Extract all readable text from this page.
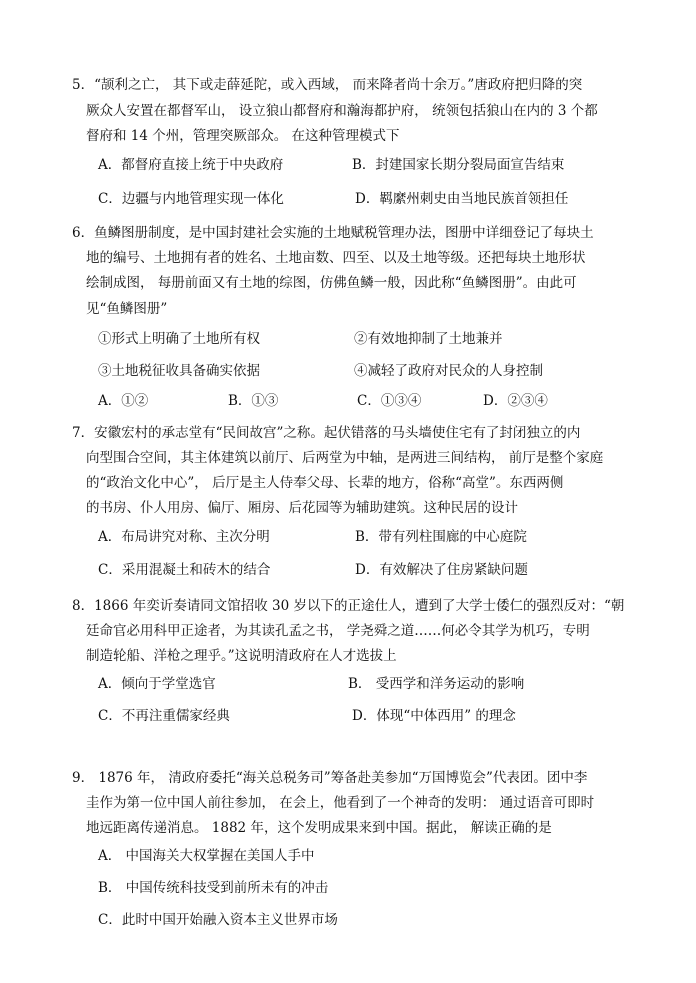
5．“颉利之亡， 其下或走薛延陀，或入西域， 而来降者尚十余万。”唐政府把归降的突
厥众人安置在都督军山， 设立狼山都督府和瀚海都护府， 统领包括狼山在内的 3 个都
督府和 14 个州，管理突厥部众。 在这种管理模式下
A．都督府直接上统于中央政府	B．封建国家长期分裂局面宣告结束
C．边疆与内地管理实现一体化	D．羁縻州刺史由当地民族首领担任
6．鱼鳞图册制度，是中国封建社会实施的土地赋税管理办法，图册中详细登记了每块土
地的编号、土地拥有者的姓名、土地亩数、四至、以及土地等级。还把每块土地形状
绘制成图， 每册前面又有土地的综图，仿佛鱼鳞一般，因此称“鱼鳞图册”。由此可
见“鱼鳞图册”
①形式上明确了土地所有权	②有效地抑制了土地兼并
③土地税征收具备确实依据	④减轻了政府对民众的人身控制
A．①②	B．①③	C．①③④	D．②③④
7．安徽宏村的承志堂有“民间故宫”之称。起伏错落的马头墙使住宅有了封闭独立的内
向型围合空间，其主体建筑以前厅、后两堂为中轴，是两进三间结构， 前厅是整个家庭
的“政治文化中心”， 后厅是主人侍奉父母、长辈的地方，俗称“高堂”。东西两侧
的书房、仆人用房、偏厅、厢房、后花园等为辅助建筑。这种民居的设计
A．布局讲究对称、主次分明	B．带有列柱围廊的中心庭院
C．采用混凝土和砖木的结合	D．有效解决了住房紧缺问题
8．1866 年奕䜣奏请同文馆招收 30 岁以下的正途仕人，遭到了大学士倭仁的强烈反对：“朝
廷命官必用科甲正途者，为其读孔孟之书， 学尧舜之道……何必令其学为机巧，专明
制造轮船、洋枪之理乎。”这说明清政府在人才选拔上
A．倾向于学堂选官	B． 受西学和洋务运动的影响
C．不再注重儒家经典	D．体现“中体西用” 的理念
9． 1876 年， 清政府委托“海关总税务司”筹备赴美参加“万国博览会”代表团。团中李
圭作为第一位中国人前往参加， 在会上，他看到了一个神奇的发明： 通过语音可即时
地远距离传递消息。 1882 年，这个发明成果来到中国。据此， 解读正确的是
A． 中国海关大权掌握在美国人手中
B． 中国传统科技受到前所未有的冲击
C．此时中国开始融入资本主义世界市场
